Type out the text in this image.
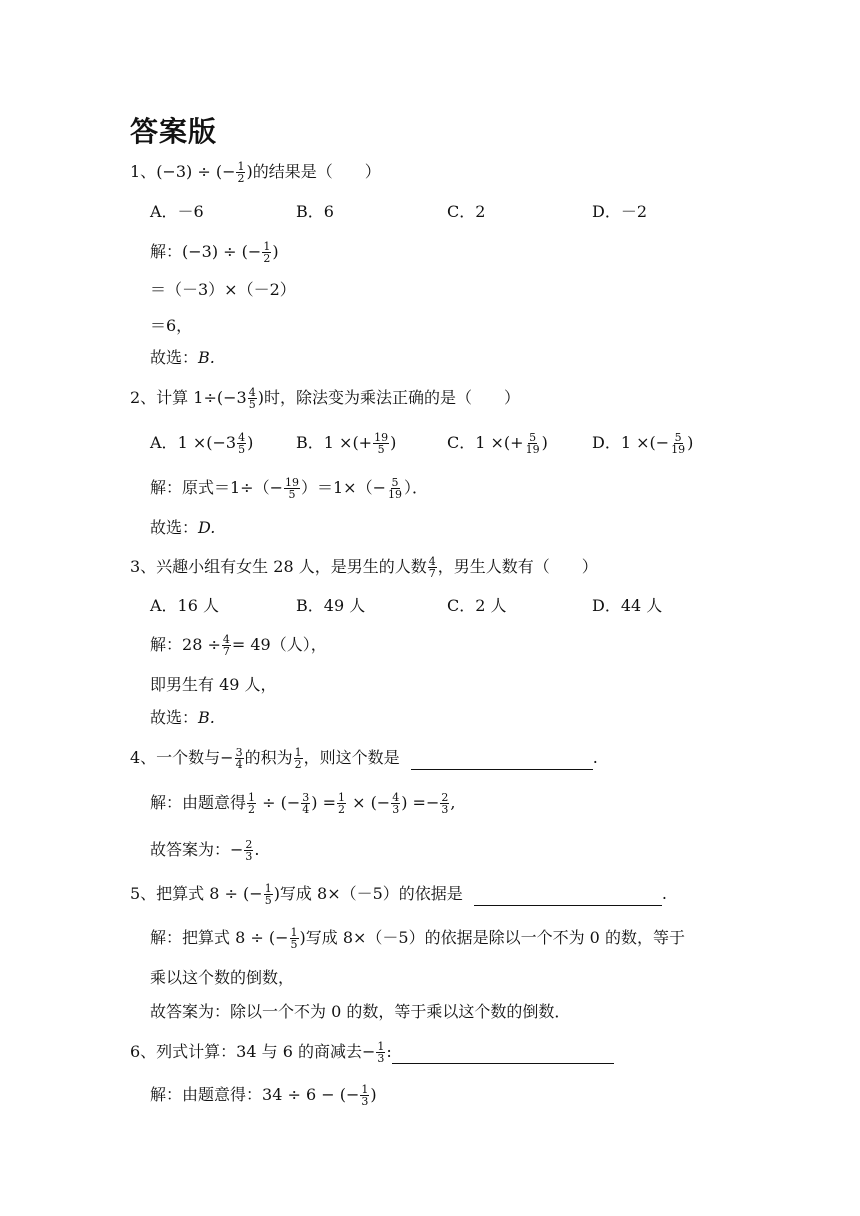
答案版
1、(−3) ÷ (− $\frac{1}{2}$ )的结果是（　　）
A．－6	B．6	C．2	D．－2
解：(−3) ÷ (− $\frac{1}{2}$ )
＝（－3）×（－2）
＝6，
故选：B.
2、计算 $1\div(-3 \frac{4}{5}$ )时，除法变为乘法正确的是（　　）
A．$1 \times(-3 \frac{4}{5}$ )	B．1 ×(+ $\frac{19}{5}$ )	C．1 ×(+ $\frac{5}{19}$ )	D．1 ×(− $\frac{5}{19}$ )
解：原式$=1\div(- \frac{19}{5} )=1\times(- \frac{5}{19}$ ）．
故选：D.
3、兴趣小组有女生 28 人，是男生的人数 $\frac{4}{7}$ ，男生人数有（　　）
A．16 人	B．49 人	C．2 人	D．44 人
解：$28 \div \frac{4}{7} = 49$（人），
即男生有 49 人，
故选：B.
4、一个数与− $\frac{3}{4}$ 的积为 $\frac{1}{2}$ ，则这个数是	.
解：由题意得 $\frac{1}{2}$ ÷ (− $\frac{3}{4}$ ) = $\frac{1}{2}$ × (− $\frac{4}{3}$ ) =− $\frac{2}{3}$ ,
故答案为：− $\frac{2}{3}$ .
5、把算式 8 ÷ (− $\frac{1}{5}$ )写成 8×（－5）的依据是	.
解：把算式 8 ÷ (− $\frac{1}{5}$ )写成 8×（－5）的依据是除以一个不为 0 的数，等于
乘以这个数的倒数，
故答案为：除以一个不为 0 的数，等于乘以这个数的倒数．
6、列式计算：34 与 6 的商减去− $\frac{1}{3}$ :
解：由题意得：34 ÷ 6 − (− $\frac{1}{3}$ )
